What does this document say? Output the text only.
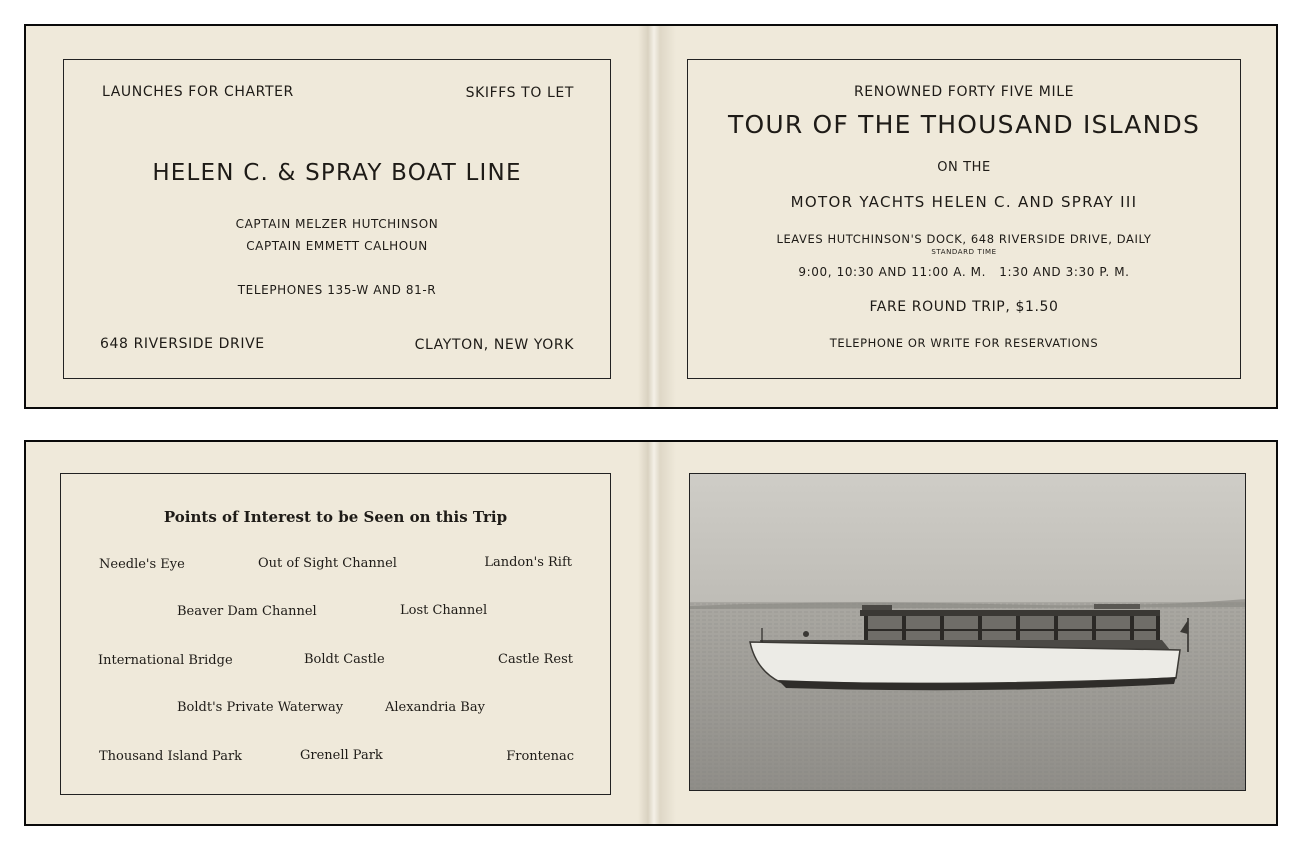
LAUNCHES FOR CHARTER	SKIFFS TO LET
HELEN C. & SPRAY BOAT LINE
CAPTAIN MELZER HUTCHINSON
CAPTAIN EMMETT CALHOUN
TELEPHONES 135-W AND 81-R
648 RIVERSIDE DRIVE	CLAYTON, NEW YORK
RENOWNED FORTY FIVE MILE
TOUR OF THE THOUSAND ISLANDS
ON THE
MOTOR YACHTS HELEN C. AND SPRAY III
LEAVES HUTCHINSON'S DOCK, 648 RIVERSIDE DRIVE, DAILY
STANDARD TIME
9:00, 10:30 AND 11:00 A. M.   1:30 AND 3:30 P. M.
FARE ROUND TRIP, $1.50
TELEPHONE OR WRITE FOR RESERVATIONS
Points of Interest to be Seen on this Trip
Needle's Eye	Out of Sight Channel	Landon's Rift
Beaver Dam Channel	Lost Channel
International Bridge	Boldt Castle	Castle Rest
Boldt's Private Waterway	Alexandria Bay
Thousand Island Park	Grenell Park	Frontenac
